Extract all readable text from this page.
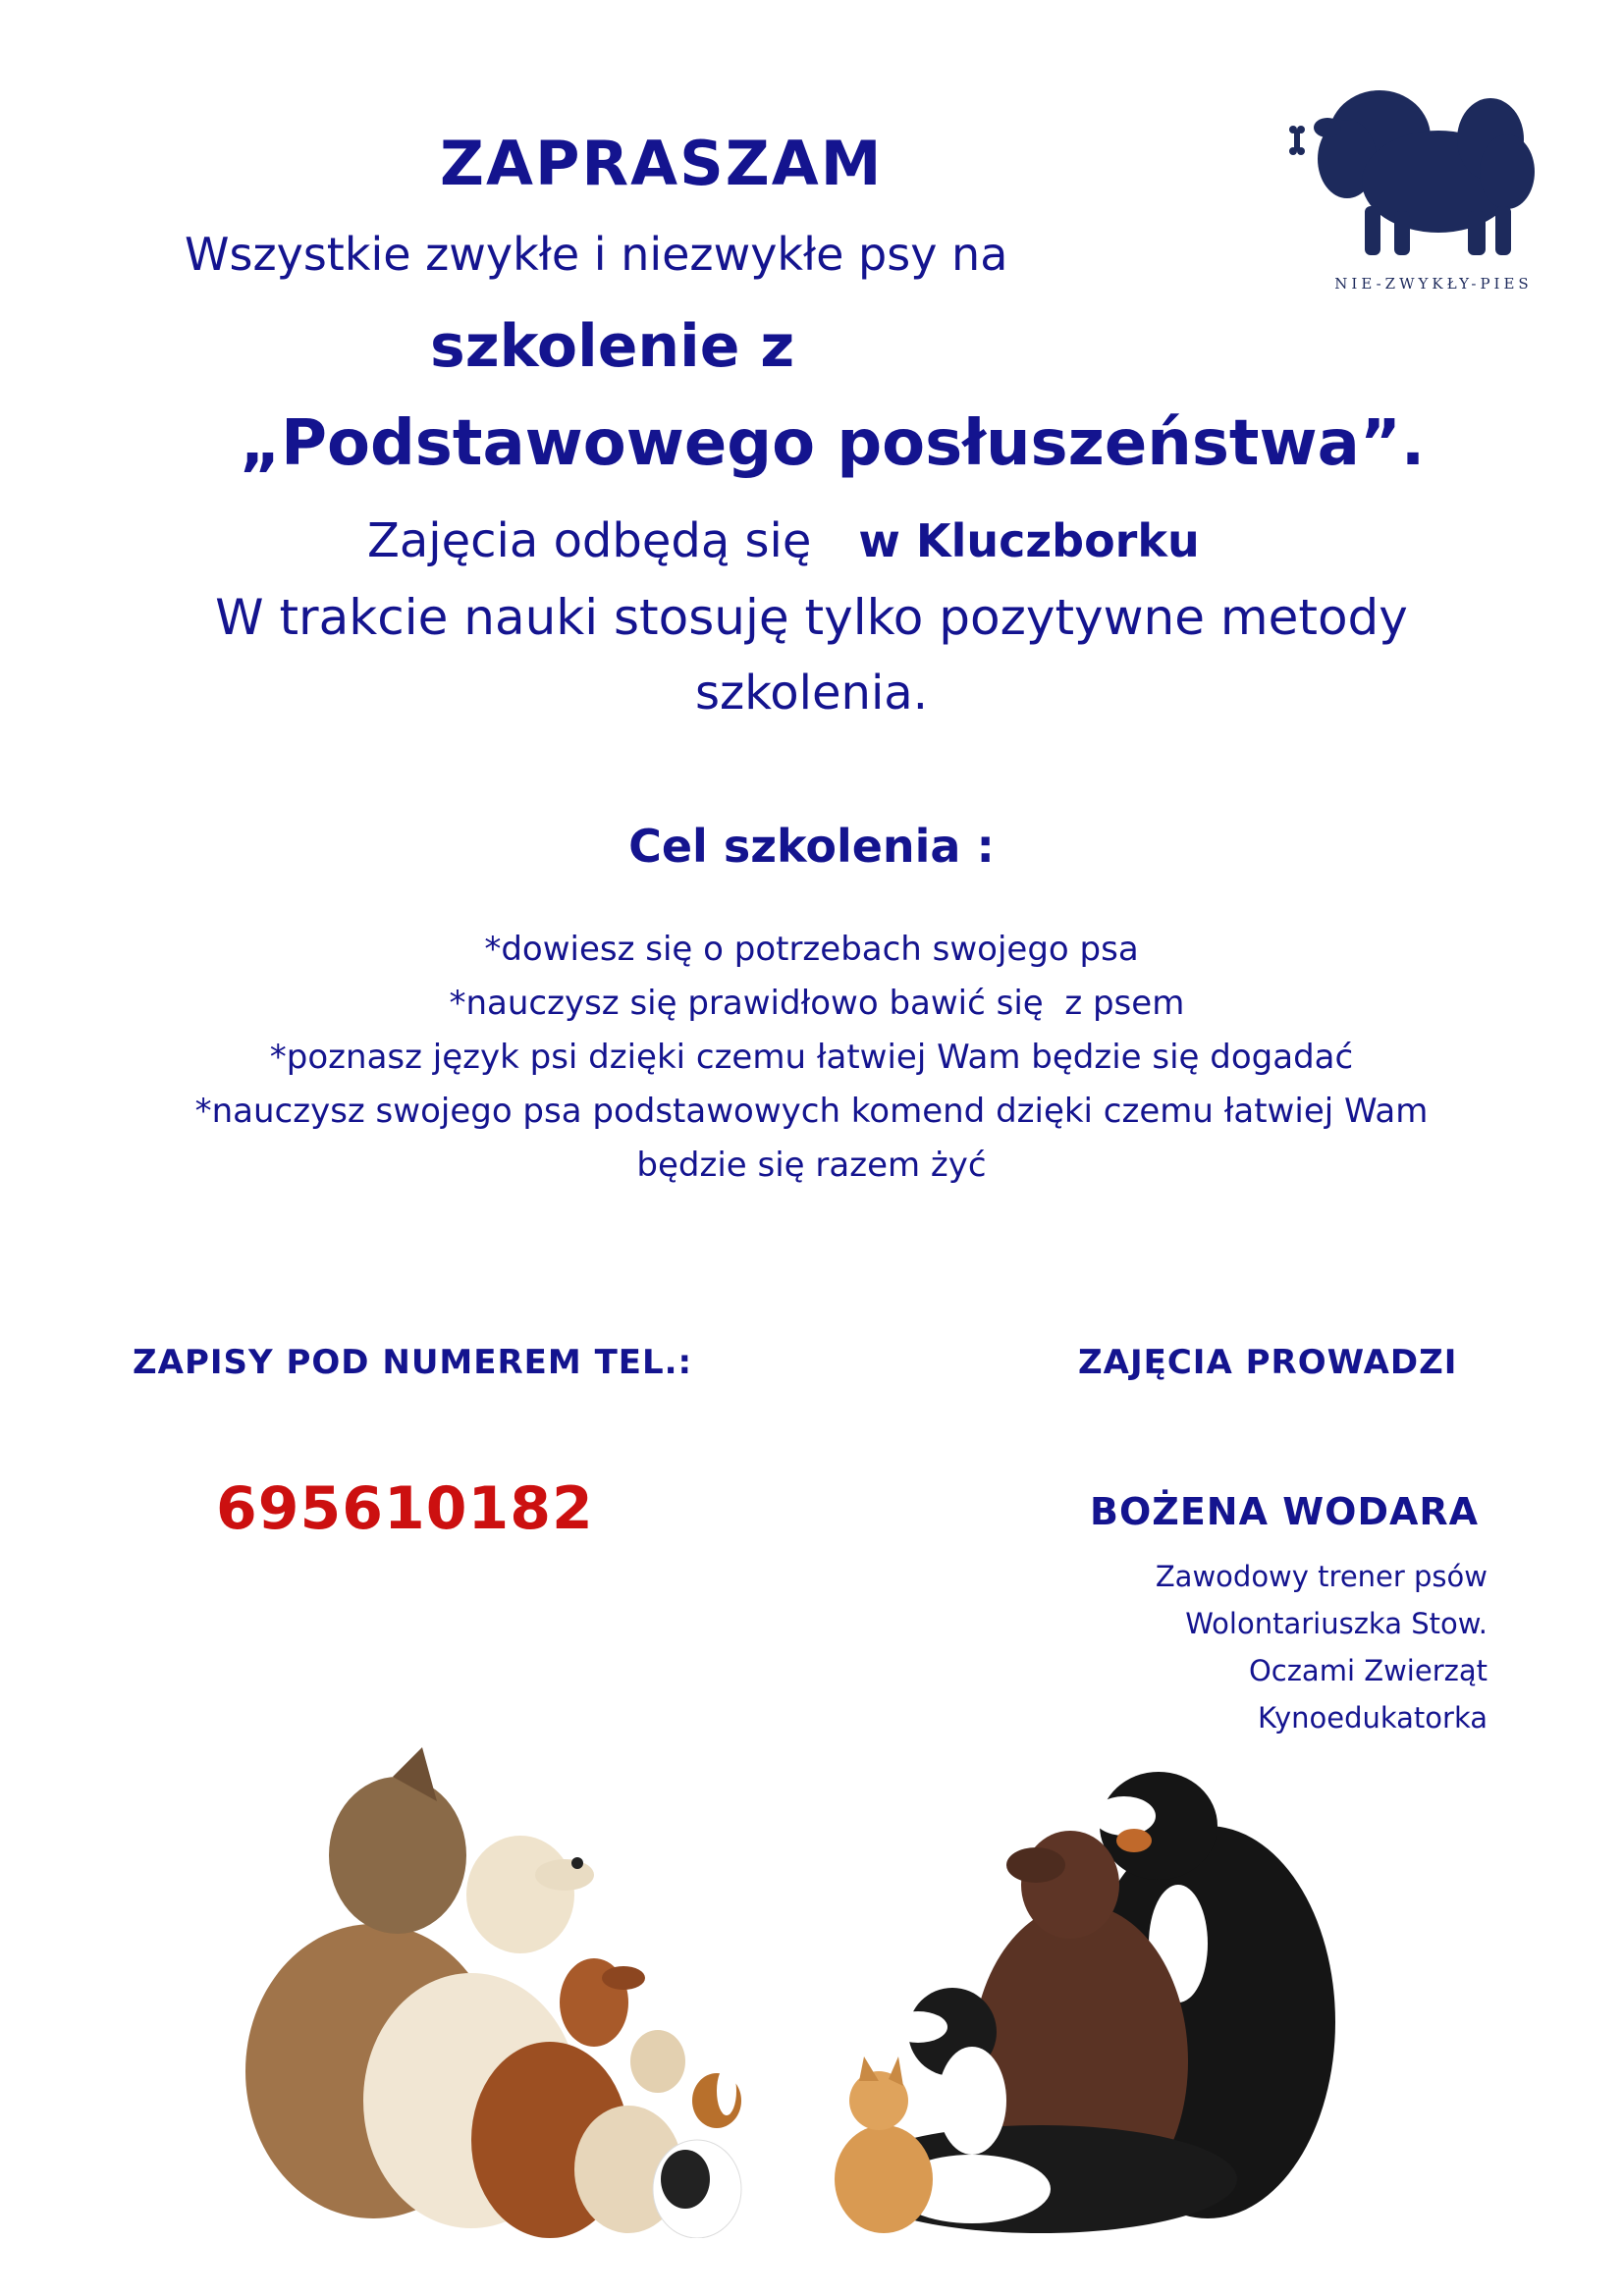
NIE-ZWYKŁY-PIES
ZAPRASZAM
Wszystkie zwykłe i niezwykłe psy na
szkolenie z
„Podstawowego posłuszeństwa”.
Zajęcia odbędą się w Kluczborku
W trakcie nauki stosuję tylko pozytywne metody
szkolenia.
Cel szkolenia :
*dowiesz się o potrzebach swojego psa
*nauczysz się prawidłowo bawić się  z psem
*poznasz język psi dzięki czemu łatwiej Wam będzie się dogadać
*nauczysz swojego psa podstawowych komend dzięki czemu łatwiej Wam
będzie się razem żyć
ZAPISY POD NUMEREM TEL.:	ZAJĘCIA PROWADZI
695610182	BOŻENA WODARA
Zawodowy trener psów
Wolontariuszka Stow.
Oczami Zwierząt
Kynoedukatorka
